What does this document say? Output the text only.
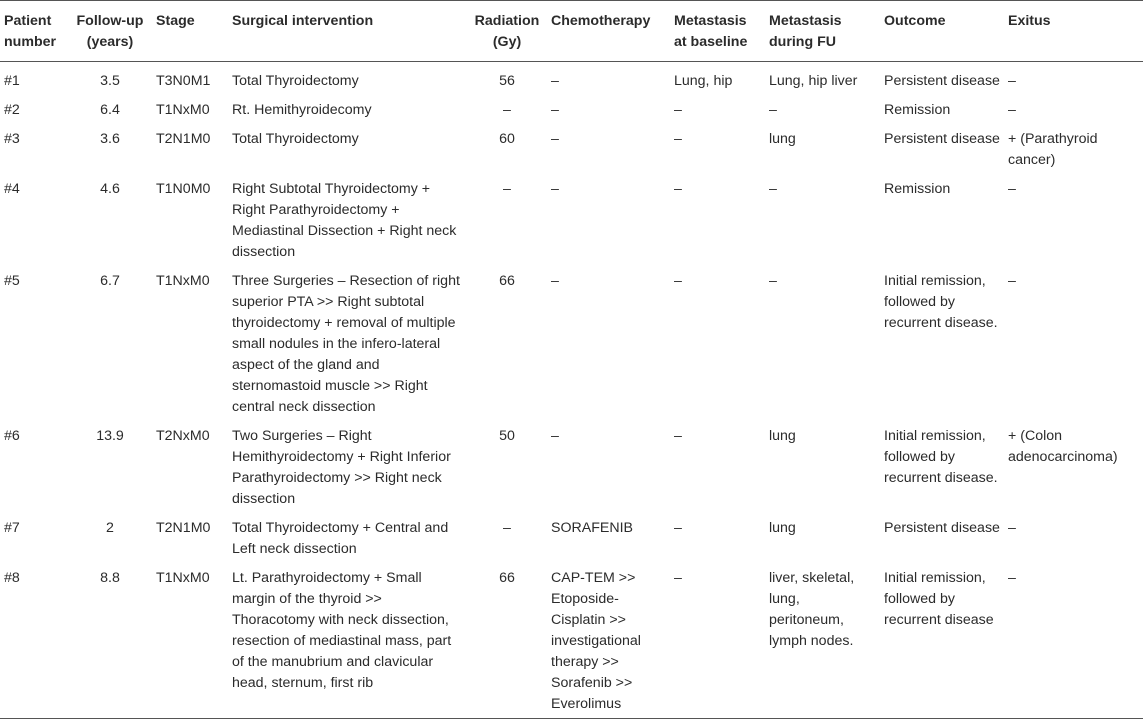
Patient number	Follow-up (years)	Stage	Surgical intervention	Radiation (Gy)	Chemotherapy	Metastasis at baseline	Metastasis during FU	Outcome	Exitus
#1	3.5	T3N0M1	Total Thyroidectomy	56	–	Lung, hip	Lung, hip liver	Persistent disease	–
#2	6.4	T1NxM0	Rt. Hemithyroidecomy	–	–	–	–	Remission	–
#3	3.6	T2N1M0	Total Thyroidectomy	60	–	–	lung	Persistent disease	+ (Parathyroid cancer)
#4	4.6	T1N0M0	Right Subtotal Thyroidectomy + Right Parathyroidectomy + Mediastinal Dissection + Right neck dissection	–	–	–	–	Remission	–
#5	6.7	T1NxM0	Three Surgeries – Resection of right superior PTA >> Right subtotal thyroidectomy + removal of multiple small nodules in the infero-lateral aspect of the gland and sternomastoid muscle >> Right central neck dissection	66	–	–	–	Initial remission, followed by recurrent disease.	–
#6	13.9	T2NxM0	Two Surgeries – Right Hemithyroidectomy + Right Inferior Parathyroidectomy >> Right neck dissection	50	–	–	lung	Initial remission, followed by recurrent disease.	+ (Colon adenocarcinoma)
#7	2	T2N1M0	Total Thyroidectomy + Central and Left neck dissection	–	SORAFENIB	–	lung	Persistent disease	–
#8	8.8	T1NxM0	Lt. Parathyroidectomy + Small margin of the thyroid >> Thoracotomy with neck dissection, resection of mediastinal mass, part of the manubrium and clavicular head, sternum, first rib	66	CAP-TEM >> Etoposide-Cisplatin >> investigational therapy >> Sorafenib >> Everolimus	–	liver, skeletal, lung, peritoneum, lymph nodes.	Initial remission, followed by recurrent disease	–
